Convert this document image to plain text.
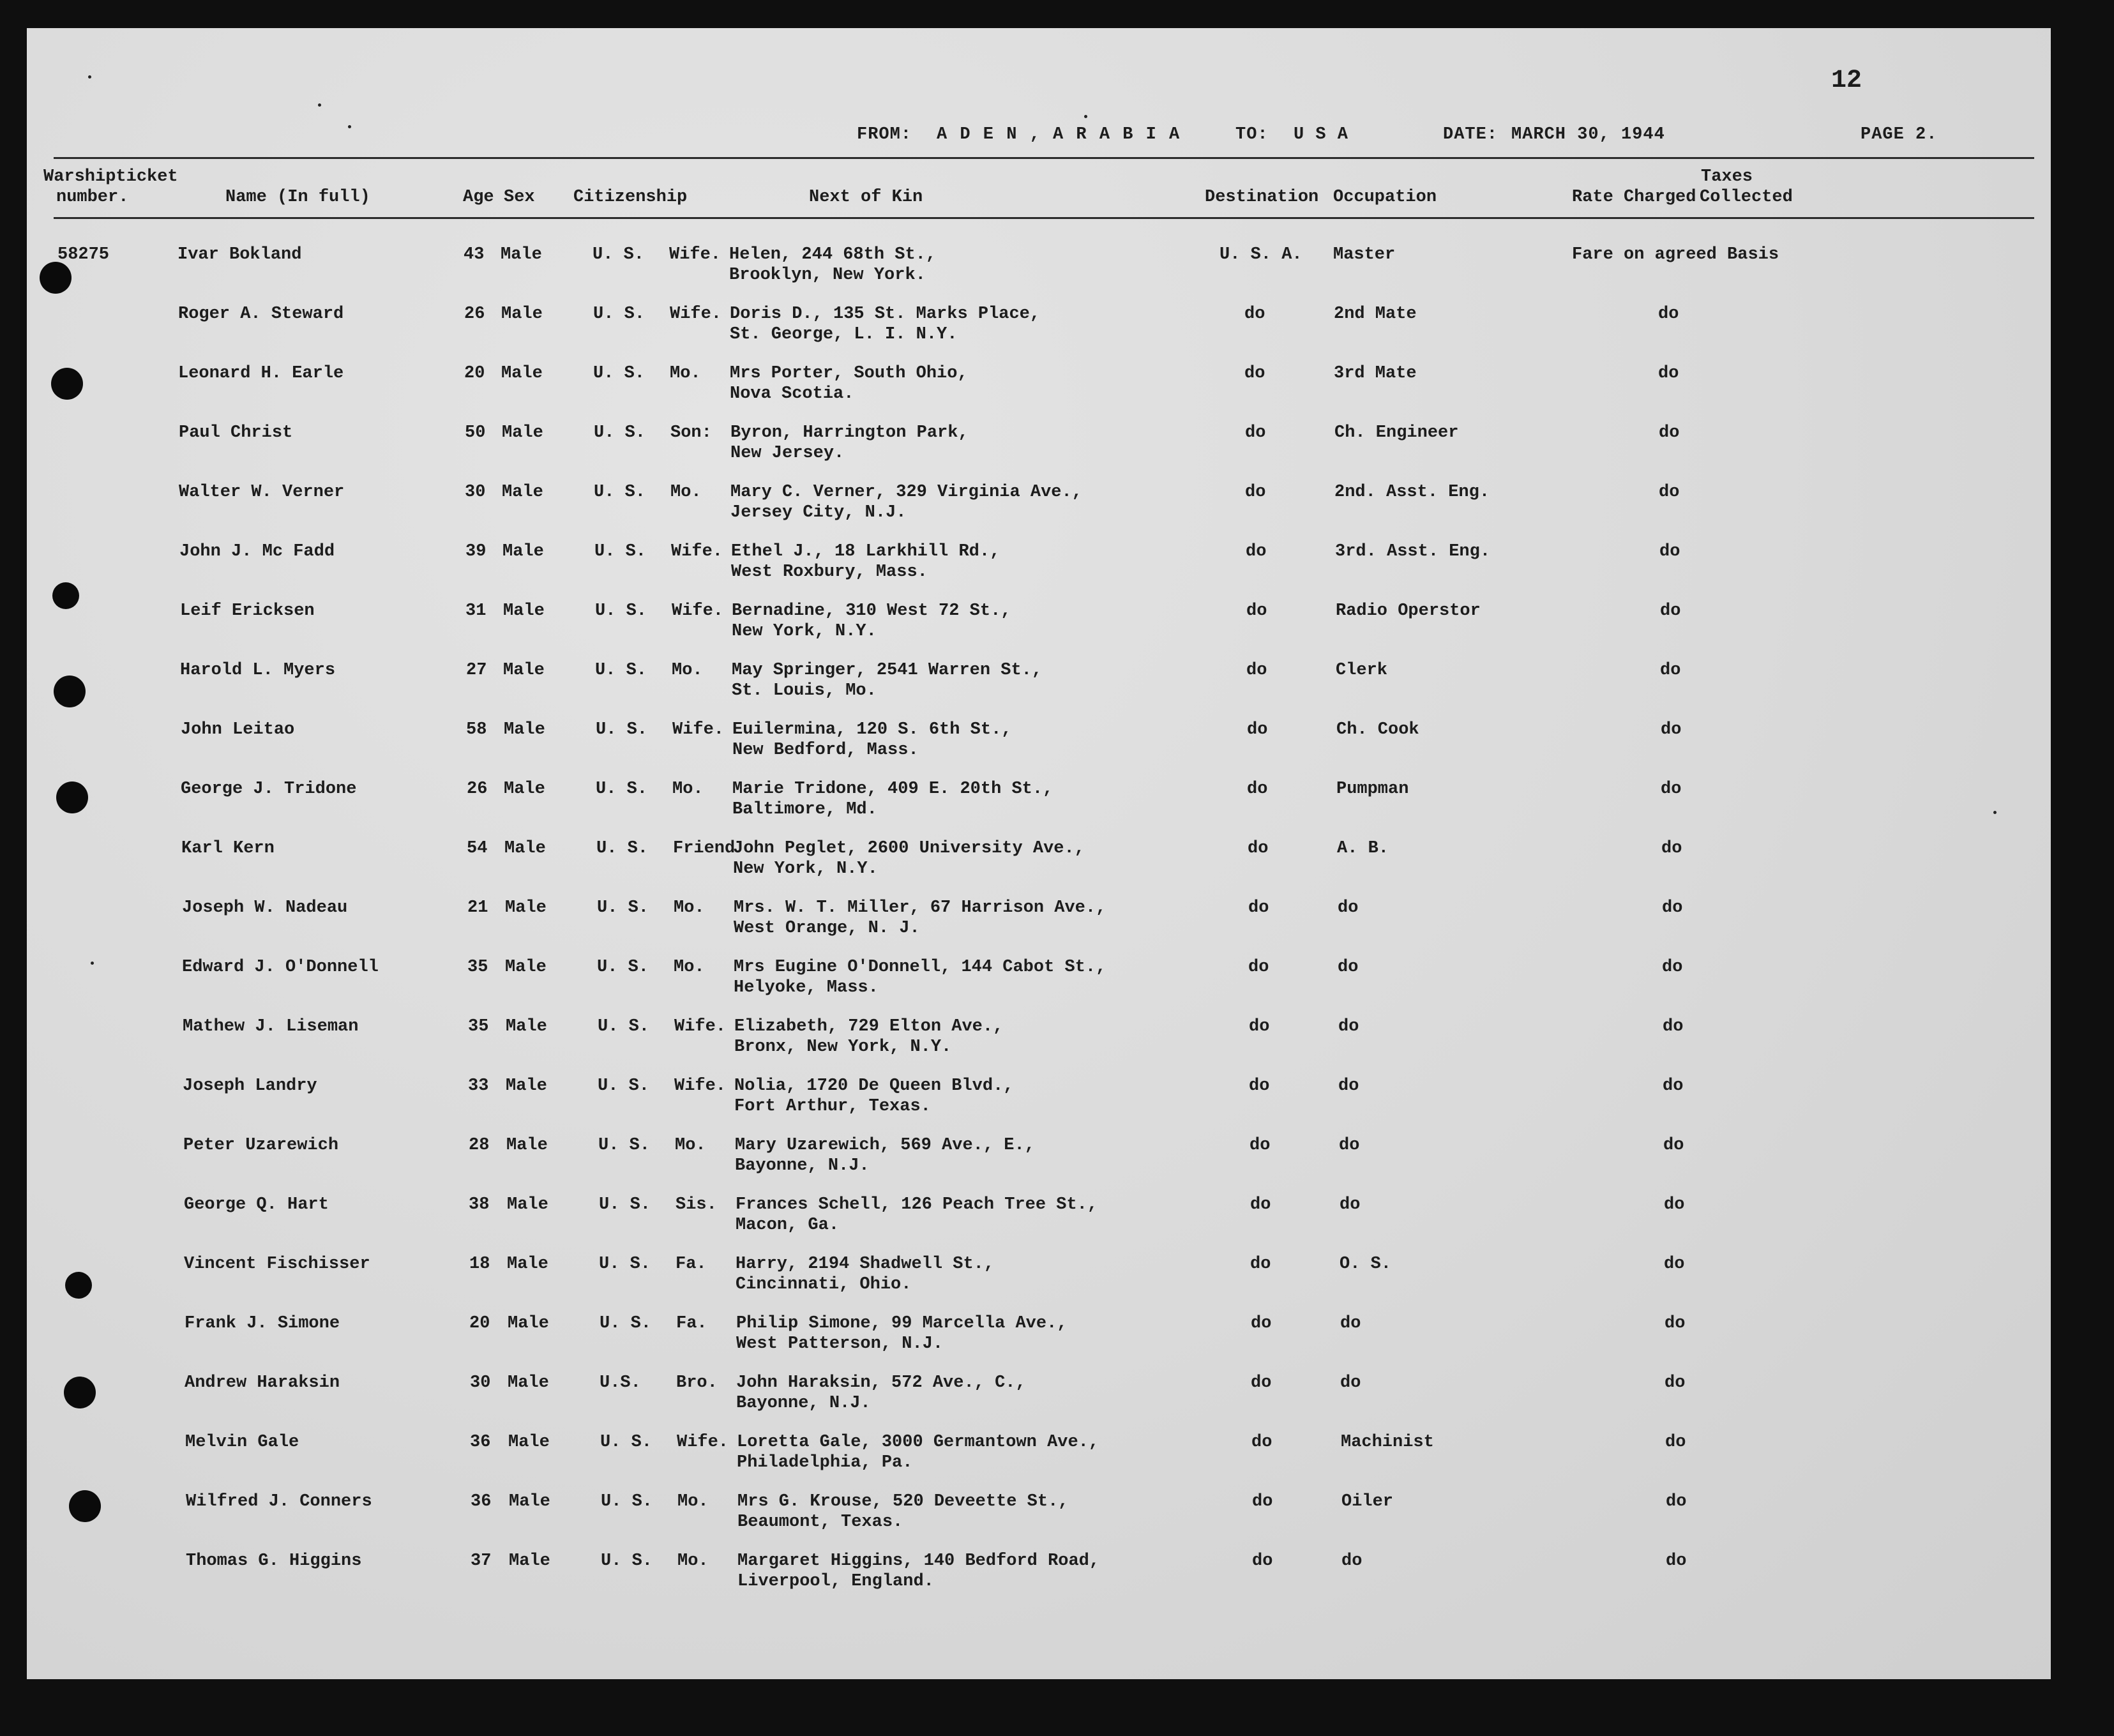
12
FROM: A D E N , A R A B I A	TO: U S A	DATE: MARCH 30, 1944	PAGE 2.
Warshipticket
number.	Name (In full)	Age Sex Citizenship	Next of Kin	Destination Occupation	Rate Charged
Taxes
Collected
58275	Ivar Bokland	43 Male	U. S. Wife. Helen, 244 68th St.,
Brooklyn, New York.
U. S. A. Master	Fare on agreed Basis
Roger A. Steward	26 Male	U. S. Wife. Doris D., 135 St. Marks Place,
St. George, L. I. N.Y.
do	2nd Mate	do
Leonard H. Earle	20 Male	U. S. Mo. Mrs Porter, South Ohio,
Nova Scotia.
do	3rd Mate	do
Paul Christ	50 Male	U. S. Son: Byron, Harrington Park,
New Jersey.
do	Ch. Engineer	do
Walter W. Verner	30 Male	U. S. Mo. Mary C. Verner, 329 Virginia Ave.,
Jersey City, N.J.
do	2nd. Asst. Eng.	do
John J. Mc Fadd	39 Male	U. S. Wife. Ethel J., 18 Larkhill Rd.,
West Roxbury, Mass.
do	3rd. Asst. Eng.	do
Leif Ericksen	31 Male	U. S. Wife. Bernadine, 310 West 72 St.,
New York, N.Y.
do	Radio Operstor	do
Harold L. Myers	27 Male	U. S. Mo. May Springer, 2541 Warren St.,
St. Louis, Mo.
do	Clerk	do
John Leitao	58 Male	U. S. Wife. Euilermina, 120 S. 6th St.,
New Bedford, Mass.
do	Ch. Cook	do
George J. Tridone	26 Male	U. S. Mo. Marie Tridone, 409 E. 20th St.,
Baltimore, Md.
do	Pumpman	do
Karl Kern	54 Male	U. S. Friend
John Peglet, 2600 University Ave.,
New York, N.Y.
do	A. B.	do
Joseph W. Nadeau	21 Male	U. S. Mo. Mrs. W. T. Miller, 67 Harrison Ave.,
West Orange, N. J.
do	do	do
Edward J. O'Donnell	35 Male	U. S. Mo. Mrs Eugine O'Donnell, 144 Cabot St.,
Helyoke, Mass.
do	do	do
Mathew J. Liseman	35 Male	U. S. Wife. Elizabeth, 729 Elton Ave.,
Bronx, New York, N.Y.
do	do	do
Joseph Landry	33 Male	U. S. Wife. Nolia, 1720 De Queen Blvd.,
Fort Arthur, Texas.
do	do	do
Peter Uzarewich	28 Male	U. S. Mo. Mary Uzarewich, 569 Ave., E.,
Bayonne, N.J.
do	do	do
George Q. Hart	38 Male	U. S. Sis. Frances Schell, 126 Peach Tree St.,
Macon, Ga.
do	do	do
Vincent Fischisser	18 Male	U. S. Fa. Harry, 2194 Shadwell St.,
Cincinnati, Ohio.
do	O. S.	do
Frank J. Simone	20 Male	U. S. Fa. Philip Simone, 99 Marcella Ave.,
West Patterson, N.J.
do	do	do
Andrew Haraksin	30 Male	U.S. Bro. John Haraksin, 572 Ave., C.,
Bayonne, N.J.
do	do	do
Melvin Gale	36 Male	U. S. Wife. Loretta Gale, 3000 Germantown Ave.,
Philadelphia, Pa.
do	Machinist	do
Wilfred J. Conners	36 Male	U. S. Mo. Mrs G. Krouse, 520 Deveette St.,
Beaumont, Texas.
do	Oiler	do
Thomas G. Higgins	37 Male	U. S. Mo. Margaret Higgins, 140 Bedford Road,
Liverpool, England.
do	do	do
